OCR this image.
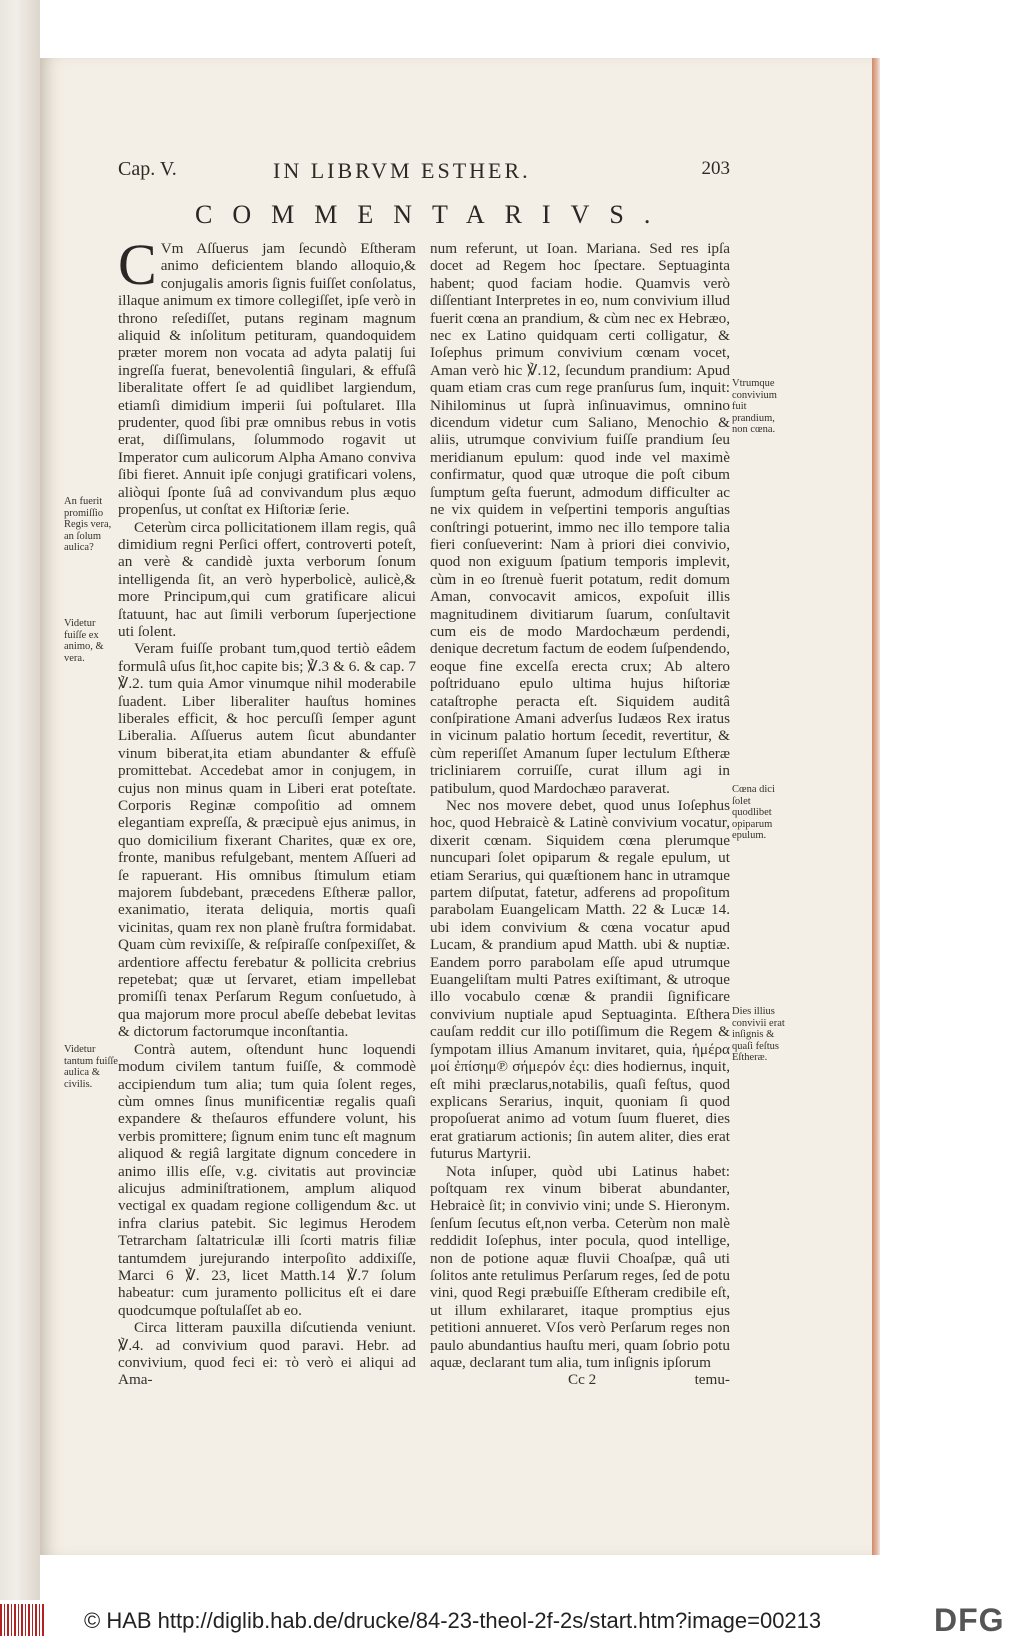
Cap. V.	IN LIBRVM ESTHER.	203
COMMENTARIVS.

C Vm Aſſuerus jam ſecundò Eſtheram animo deficientem blando alloquio,& conjugalis amoris ſignis fuiſſet conſolatus, illaque animum ex timore collegiſſet, ipſe verò in throno reſediſſet, putans reginam magnum aliquid & inſolitum petituram, quandoquidem præter morem non vocata ad adyta palatij ſui ingreſſa fuerat, benevolentiâ ſingulari, & effuſâ liberalitate offert ſe ad quidlibet largiendum, etiamſi dimidium imperii ſui poſtularet. Illa prudenter, quod ſibi præ omnibus rebus in votis erat, diſſimulans, ſolummodo rogavit ut Imperator cum aulicorum Alpha Amano conviva ſibi fieret. Annuit ipſe conjugi gratificari volens, aliòqui ſponte ſuâ ad convivandum plus æquo propenſus, ut conſtat ex Hiſtoriæ ſerie.

Ceterùm circa pollicitationem illam regis, quâ dimidium regni Perſici offert, controverti poteſt, an verè & candidè juxta verborum ſonum intelligenda ſit, an verò hyperbolicè, aulicè,& more Principum,qui cum gratificare alicui ſtatuunt, hac aut ſimili verborum ſuperjectione uti ſolent.

Veram fuiſſe probant tum,quod tertiò eâdem formulâ uſus ſit,hoc capite bis; ℣.3 & 6. & cap. 7 ℣.2. tum quia Amor vinumque nihil moderabile ſuadent. Liber liberaliter hauſtus homines liberales efficit, & hoc percuſſi ſemper agunt Liberalia. Aſſuerus autem ſicut abundanter vinum biberat,ita etiam abundanter & effuſè promittebat. Accedebat amor in conjugem, in cujus non minus quam in Liberi erat poteſtate. Corporis Reginæ compoſitio ad omnem elegantiam expreſſa, & præcipuè ejus animus, in quo domicilium fixerant Charites, quæ ex ore, fronte, manibus refulgebant, mentem Aſſueri ad ſe rapuerant. His omnibus ſtimulum etiam majorem ſubdebant, præcedens Eſtheræ pallor, exanimatio, iterata deliquia, mortis quaſi vicinitas, quam rex non planè fruſtra formidabat. Quam cùm revixiſſe, & reſpiraſſe conſpexiſſet, & ardentiore affectu ferebatur & pollicita crebrius repetebat; quæ ut ſervaret, etiam impellebat promiſſi tenax Perſarum Regum conſuetudo, à qua majorum more procul abeſſe debebat levitas & dictorum factorumque inconſtantia.

Contrà autem, oſtendunt hunc loquendi modum civilem tantum fuiſſe, & commodè accipiendum tum alia; tum quia ſolent reges, cùm omnes ſinus munificentiæ regalis quaſi expandere & theſauros effundere volunt, his verbis promittere; ſignum enim tunc eſt magnum aliquod & regiâ largitate dignum concedere in animo illis eſſe, v.g. civitatis aut provinciæ alicujus adminiſtrationem, amplum aliquod vectigal ex quadam regione colligendum &c. ut infra clarius patebit. Sic legimus Herodem Tetrarcham ſaltatriculæ illi ſcorti matris filiæ tantumdem jurejurando interpoſito addixiſſe, Marci 6 ℣. 23, licet Matth.14 ℣.7 ſolum habeatur: cum juramento pollicitus eſt ei dare quodcumque poſtulaſſet ab eo.

Circa litteram pauxilla diſcutienda veniunt. ℣.4. ad convivium quod paravi. Hebr. ad convivium, quod feci ei: τὸ verò ei aliqui ad Ama-

num referunt, ut Ioan. Mariana. Sed res ipſa docet ad Regem hoc ſpectare. Septuaginta habent; quod faciam hodie. Quamvis verò diſſentiant Interpretes in eo, num convivium illud fuerit cœna an prandium, & cùm nec ex Hebræo, nec ex Latino quidquam certi colligatur, & Ioſephus primum convivium cœnam vocet, Aman verò hic ℣.12, ſecundum prandium: Apud quam etiam cras cum rege pranſurus ſum, inquit: Nihilominus ut ſuprà inſinuavimus, omnino dicendum videtur cum Saliano, Menochio & aliis, utrumque convivium fuiſſe prandium ſeu meridianum epulum: quod inde vel maximè confirmatur, quod quæ utroque die poſt cibum ſumptum geſta fuerunt, admodum difficulter ac ne vix quidem in veſpertini temporis anguſtias conſtringi potuerint, immo nec illo tempore talia fieri conſueverint: Nam à priori diei convivio, quod non exiguum ſpatium temporis implevit, cùm in eo ſtrenuè fuerit potatum, redit domum Aman, convocavit amicos, expoſuit illis magnitudinem divitiarum ſuarum, conſultavit cum eis de modo Mardochæum perdendi, denique decretum factum de eodem ſuſpendendo, eoque fine excelſa erecta crux; Ab altero poſtriduano epulo ultima hujus hiſtoriæ cataſtrophe peracta eſt. Siquidem auditâ conſpiratione Amani adverſus Iudæos Rex iratus in vicinum palatio hortum ſecedit, revertitur, & cùm reperiſſet Amanum ſuper lectulum Eſtheræ tricliniarem corruiſſe, curat illum agi in patibulum, quod Mardochæo paraverat.

Nec nos movere debet, quod unus Ioſephus hoc, quod Hebraicè & Latinè convivium vocatur, dixerit cœnam. Siquidem cœna plerumque nuncupari ſolet opiparum & regale epulum, ut etiam Serarius, qui quæſtionem hanc in utramque partem diſputat, fatetur, adferens ad propoſitum parabolam Euangelicam Matth. 22 & Lucæ 14. ubi idem convivium & cœna vocatur apud Lucam, & prandium apud Matth. ubi & nuptiæ. Eandem porro parabolam eſſe apud utrumque Euangeliſtam multi Patres exiſtimant, & utroque illo vocabulo cœnæ & prandii ſignificare convivium nuptiale apud Septuaginta. Eſthera cauſam reddit cur illo potiſſimum die Regem & ſympotam illius Amanum invitaret, quia, ἡμέρα μοί ἐπίσημ℗ σήμερόν ἐςι: dies hodiernus, inquit, eſt mihi præclarus,notabilis, quaſi feſtus, quod explicans Serarius, inquit, quoniam ſi quod propoſuerat animo ad votum ſuum flueret, dies erat gratiarum actionis; ſin autem aliter, dies erat futurus Martyrii.

Nota inſuper, quòd ubi Latinus habet: poſtquam rex vinum biberat abundanter, Hebraicè ſit; in convivio vini; unde S. Hieronym. ſenſum ſecutus eſt,non verba. Ceterùm non malè reddidit Ioſephus, inter pocula, quod intellige, non de potione aquæ fluvii Choaſpæ, quâ uti ſolitos ante retulimus Perſarum reges, ſed de potu vini, quod Regi præbuiſſe Eſtheram credibile eſt, ut illum exhilararet, itaque promptius ejus petitioni annueret. Vſos verò Perſarum reges non paulo abundantius hauſtu meri, quam ſobrio potu aquæ, declarant tum alia, tum inſignis ipſorum

Cc 2	temu-
An fuerit promiſſio Regis vera, an ſolum aulica?
Videtur fuiſſe ex animo, & vera.
Videtur tantum fuiſſe aulica & civilis.
Vtrumque convivium fuit prandium, non cœna.
Cœna dici ſolet quodlibet opiparum epulum.
Dies illius convivii erat inſignis & quaſi feſtus Eſtheræ.
© HAB http://diglib.hab.de/drucke/84-23-theol-2f-2s/start.htm?image=00213	DFG
